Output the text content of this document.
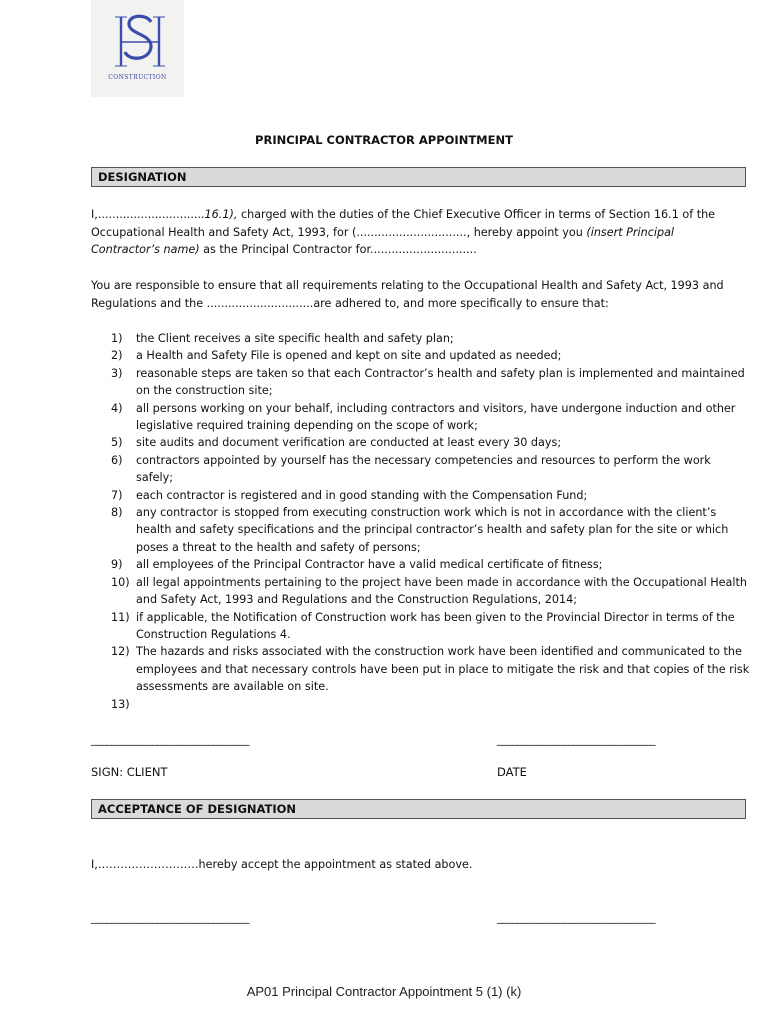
CONSTRUCTION
PRINCIPAL CONTRACTOR APPOINTMENT
DESIGNATION
I,..............................16.1), charged with the duties of the Chief Executive Officer in terms of Section 16.1 of the Occupational Health and Safety Act, 1993, for (..............................., hereby appoint you (insert Principal Contractor’s name) as the Principal Contractor for..............................
You are responsible to ensure that all requirements relating to the Occupational Health and Safety Act, 1993 and Regulations and the ..............................are adhered to, and more specifically to ensure that:
1) the Client receives a site specific health and safety plan;
2) a Health and Safety File is opened and kept on site and updated as needed;
3) reasonable steps are taken so that each Contractor’s health and safety plan is implemented and maintained on the construction site;
4) all persons working on your behalf, including contractors and visitors, have undergone induction and other legislative required training depending on the scope of work;
5) site audits and document verification are conducted at least every 30 days;
6) contractors appointed by yourself has the necessary competencies and resources to perform the work safely;
7) each contractor is registered and in good standing with the Compensation Fund;
8) any contractor is stopped from executing construction work which is not in accordance with the client’s health and safety specifications and the principal contractor’s health and safety plan for the site or which poses a threat to the health and safety of persons;
9) all employees of the Principal Contractor have a valid medical certificate of fitness;
10) all legal appointments pertaining to the project have been made in accordance with the Occupational Health and Safety Act, 1993 and Regulations and the Construction Regulations, 2014;
11) if applicable, the Notification of Construction work has been given to the Provincial Director in terms of the Construction Regulations 4.
12) The hazards and risks associated with the construction work have been identified and communicated to the employees and that necessary controls have been put in place to mitigate the risk and that copies of the risk assessments are available on site.
13)
_______________________________	_______________________________
SIGN: CLIENT	DATE
ACCEPTANCE OF DESIGNATION
I,………………………hereby accept the appointment as stated above.
_______________________________	_______________________________
AP01 Principal Contractor Appointment 5 (1) (k)
